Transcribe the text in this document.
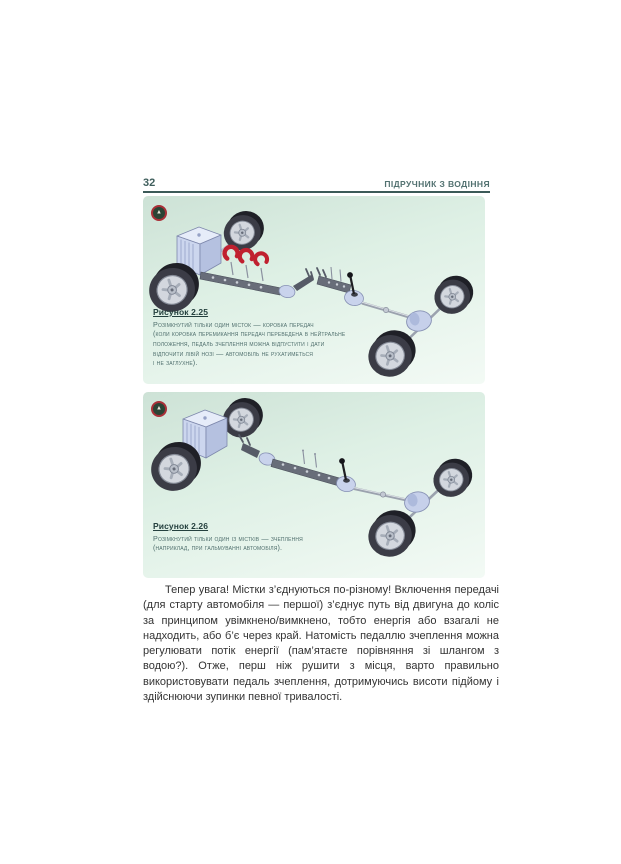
32	ПІДРУЧНИК З ВОДІННЯ
▲
Рисунок 2.25
Розімкнутий тільки один місток — коробка передач
(коли коробка перемикання передач переведена в нейтральне
положення, педаль зчеплення можна відпустити і дати
відпочити лівій нозі — автомобіль не рухатиметься
і не заглухне).
▲
Рисунок 2.26
Розімкнутий тільки один із містків — зчеплення
(наприклад, при гальмуванні автомобіля).

Тепер увага! Містки з’єднуються по-різному! Включення передачі (для старту автомобіля — першої) з’єднує путь від двигуна до коліс за принципом увімкнено/вимкнено, тобто енергія або взагалі не надходить, або б’є через край. Натомість педаллю зчеплення можна регулювати потік енергії (пам’ятаєте порівняння зі шлангом з водою?). Отже, перш ніж рушити з місця, варто правильно використовувати педаль зчеплення, дотримуючись висоти підйому і здійснюючи зупинки певної тривалості.
